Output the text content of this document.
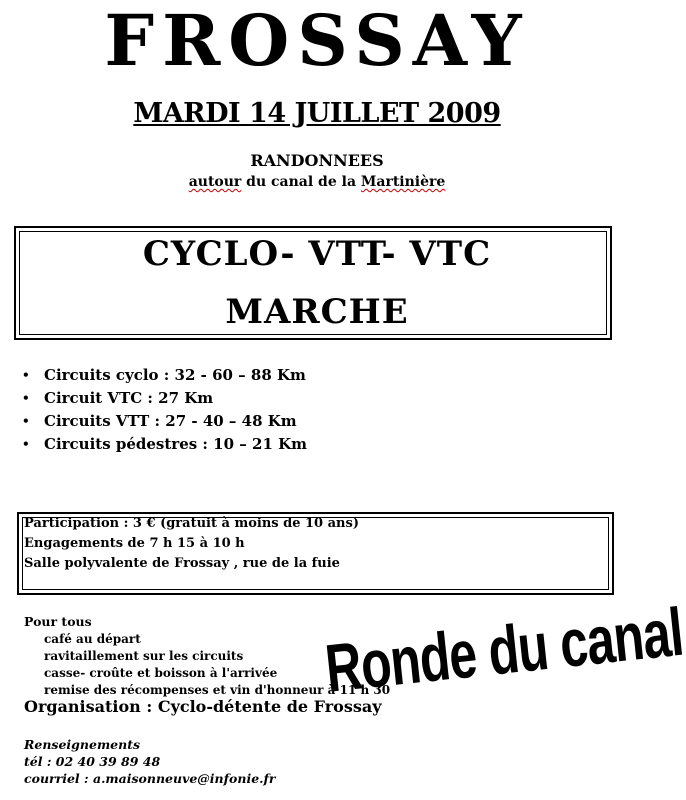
FROSSAY
MARDI 14 JUILLET 2009
RANDONNEES
autour du canal de la Martinière
CYCLO- VTT- VTC
MARCHE
• Circuits cyclo : 32 - 60 – 88 Km
• Circuit VTC : 27 Km
• Circuits VTT : 27 - 40 – 48 Km
• Circuits pédestres : 10 – 21 Km
Participation : 3 € (gratuit à moins de 10 ans)
Engagements de 7 h 15 à 10 h
Salle polyvalente de Frossay , rue de la fuie
Pour tous
café au départ
ravitaillement sur les circuits
casse- croûte et boisson à l'arrivée
remise des récompenses et vin d'honneur à 11 h 30
Organisation : Cyclo-détente de Frossay
Renseignements
tél : 02 40 39 89 48
courriel : a.maisonneuve@infonie.fr
Ronde du canal
